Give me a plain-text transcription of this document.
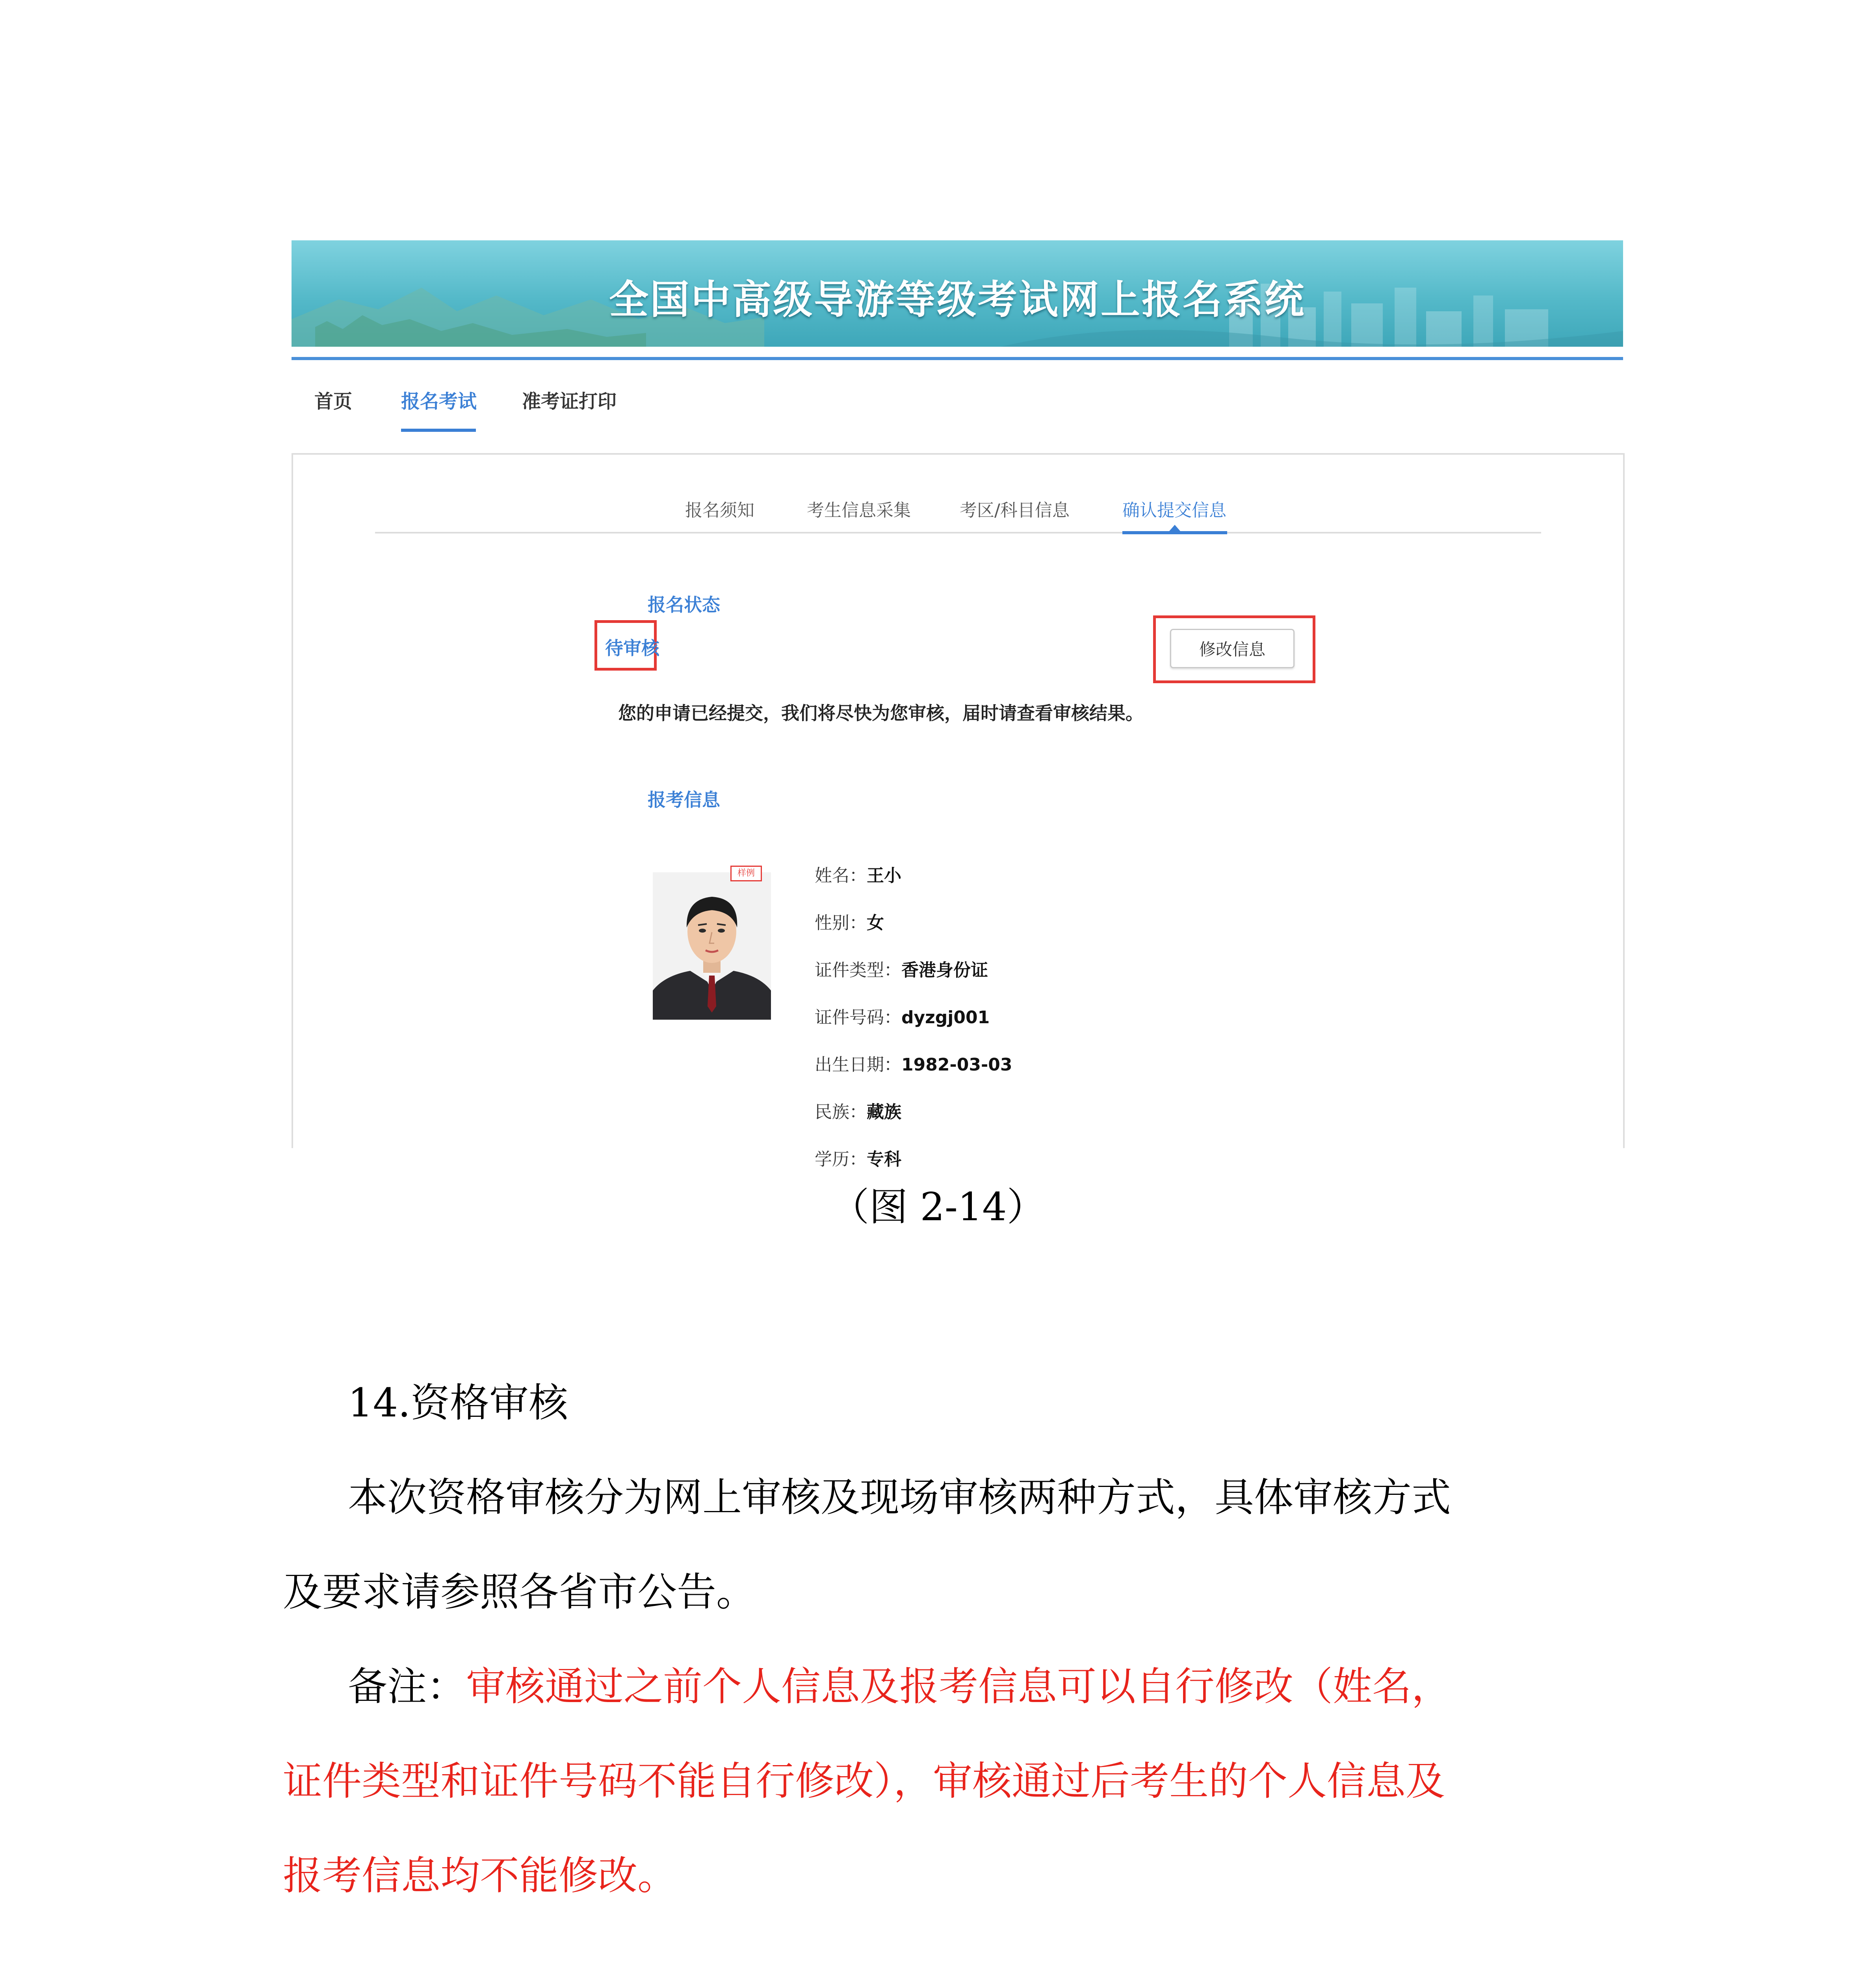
全国中高级导游等级考试网上报名系统
首页	报名考试 准考证打印
报名须知	考生信息采集	考区/科目信息	确认提交信息
报名状态
待审核	修改信息
您的申请已经提交，我们将尽快为您审核，届时请查看审核结果。
报考信息
样例	姓名：王小
性别：女
证件类型：香港身份证
证件号码：dyzgj001
出生日期：1982-03-03
民族：藏族
学历：专科
（图 2-14）
14.资格审核
本次资格审核分为网上审核及现场审核两种方式，具体审核方式
及要求请参照各省市公告。
备注：审核通过之前个人信息及报考信息可以自行修改（姓名，
证件类型和证件号码不能自行修改），审核通过后考生的个人信息及
报考信息均不能修改。
